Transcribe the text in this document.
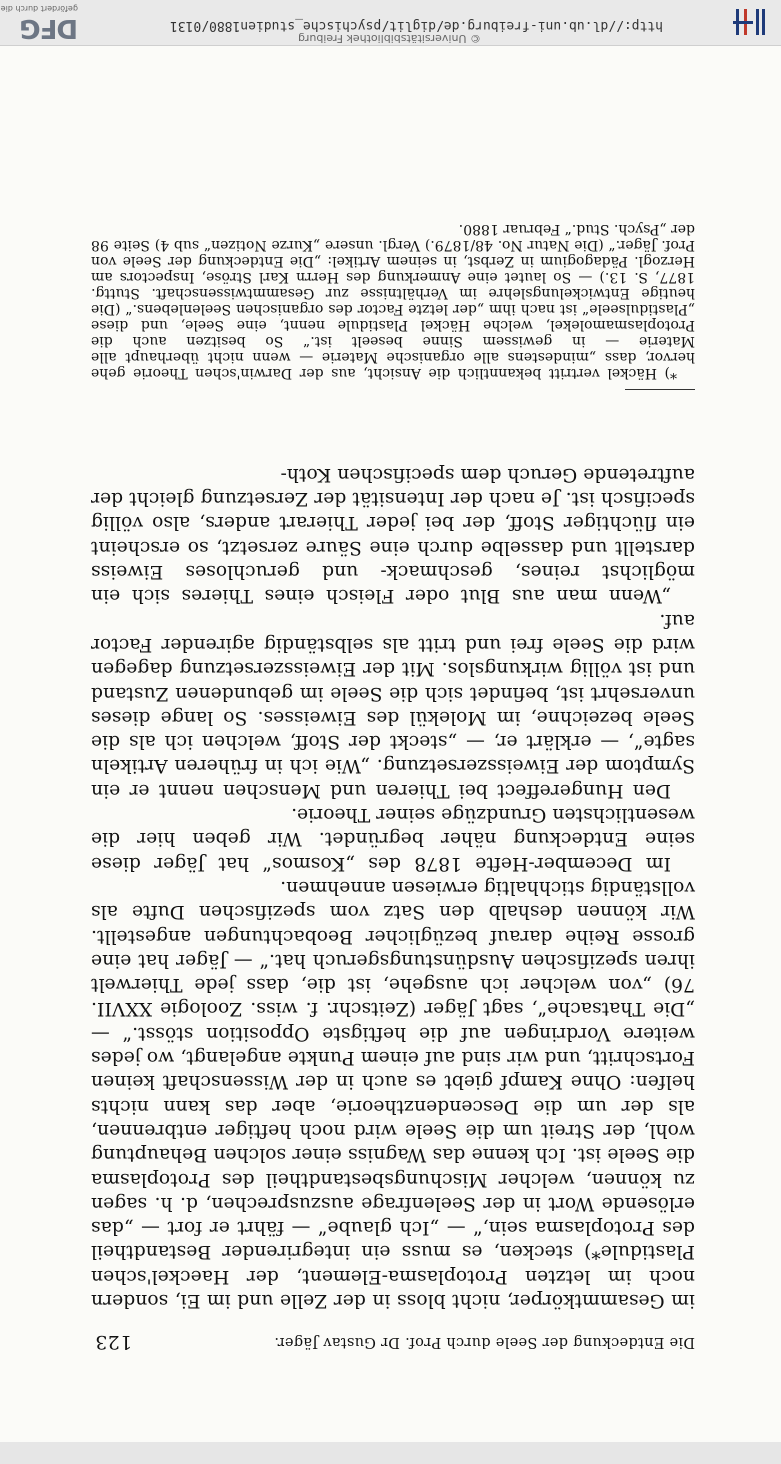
Die Entdeckung der Seele durch Prof. Dr Gustav Jäger.
123

im Gesammtkörper, nicht bloss in der Zelle und im Ei, sondern noch im letzten Protoplasma-Element, der Haeckel'schen Plastidule*) stecken, es muss ein integrirender Bestandtheil des Protoplasma sein,“ — „Ich glaube“ — fährt er fort — „das erlösende Wort in der Seelenfrage auszusprechen, d. h. sagen zu können, welcher Mischungsbestandtheil des Protoplasma die Seele ist. Ich kenne das Wagniss einer solchen Behauptung wohl, der Streit um die Seele wird noch heftiger entbrennen, als der um die Descendenztheorie, aber das kann nichts helfen: Ohne Kampf giebt es auch in der Wissenschaft keinen Fortschritt, und wir sind auf einem Punkte angelangt, wo jedes weitere Vordringen auf die heftigste Opposition stösst.“ — „Die Thatsache“, sagt Jäger (Zeitschr. f. wiss. Zoologie XXVII. 76) „von welcher ich ausgehe, ist die, dass jede Thierwelt ihren spezifischen Ausdünstungsgeruch hat.“ — Jäger hat eine grosse Reihe darauf bezüglicher Beobachtungen angestellt. Wir können deshalb den Satz vom spezifischen Dufte als vollständig stichhaltig erwiesen annehmen.

Im December-Hefte 1878 des „Kosmos“ hat Jäger diese seine Entdeckung näher begründet. Wir geben hier die wesentlichsten Grundzüge seiner Theorie.

Den Hungereffect bei Thieren und Menschen nennt er ein Symptom der Eiweisszersetzung. „Wie ich in früheren Artikeln sagte“, — erklärt er, — „steckt der Stoff, welchen ich als die Seele bezeichne, im Molekül des Eiweisses. So lange dieses unversehrt ist, befindet sich die Seele im gebundenen Zustand und ist völlig wirkungslos. Mit der Eiweisszersetzung dagegen wird die Seele frei und tritt als selbständig agirender Factor auf.

„Wenn man aus Blut oder Fleisch eines Thieres sich ein möglichst reines, geschmack- und geruchloses Eiweiss darstellt und dasselbe durch eine Säure zersetzt, so erscheint ein flüchtiger Stoff, der bei jeder Thierart anders, also völlig specifisch ist. Je nach der Intensität der Zersetzung gleicht der auftretende Geruch dem specifischen Koth-

*) Häckel vertritt bekanntlich die Ansicht, aus der Darwin'schen Theorie gehe hervor, dass „mindestens alle organische Materie — wenn nicht überhaupt alle Materie — in gewissem Sinne beseelt ist.“ So besitzen auch die Protoplasmamolekel, welche Häckel Plastidule nennt, eine Seele, und diese „Plastidulseele“ ist nach ihm „der letzte Factor des organischen Seelenlebens.“ (Die heutige Entwickelungslehre im Verhältnisse zur Gesammtwissenschaft. Stuttg. 1877, S. 13.) — So lautet eine Anmerkung des Herrn Karl Ströse, Inspectors am Herzogl. Pädagogium in Zerbst, in seinem Artikel: „Die Entdeckung der Seele von Prof. Jäger.“ (Die Natur No. 48/1879.) Vergl. unsere „Kurze Notizen“ sub 4) Seite 98 der „Psych. Stud.“ Februar 1880.

http://dl.ub.uni-freiburg.de/diglit/psychische_studien1880/0131
© Universitätsbibliothek Freiburg
DFG
gefördert durch die
